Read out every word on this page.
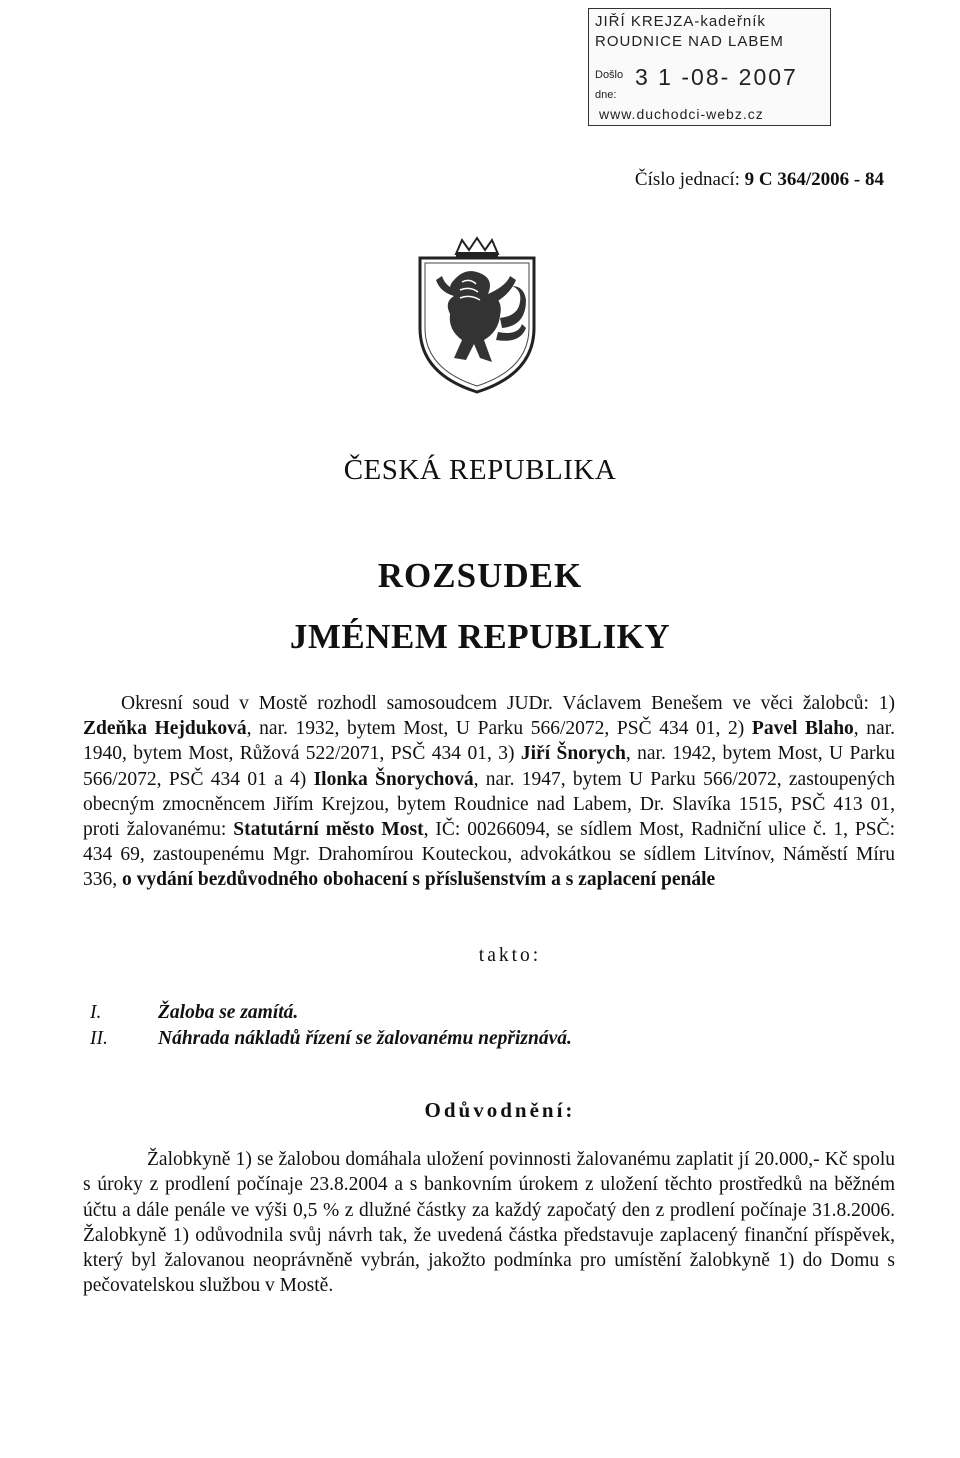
JIŘÍ KREJZA-kadeřník
ROUDNICE NAD LABEM
Došlo
dne:
3 1 -08- 2007
www.duchodci-webz.cz
Číslo jednací: 9 C 364/2006 - 84
ČESKÁ REPUBLIKA
ROZSUDEK
JMÉNEM REPUBLIKY

Okresní soud v Mostě rozhodl samosoudcem JUDr. Václavem Benešem ve věci žalobců: 1) Zdeňka Hejduková, nar. 1932, bytem Most, U Parku 566/2072, PSČ 434 01, 2) Pavel Blaho, nar. 1940, bytem Most, Růžová 522/2071, PSČ 434 01, 3) Jiří Šnorych, nar. 1942, bytem Most, U Parku 566/2072, PSČ 434 01 a 4) Ilonka Šnorychová, nar. 1947, bytem U Parku 566/2072, zastoupených obecným zmocněncem Jiřím Krejzou, bytem Roudnice nad Labem, Dr. Slavíka 1515, PSČ 413 01, proti žalovanému: Statutární město Most, IČ: 00266094, se sídlem Most, Radniční ulice č. 1, PSČ: 434 69, zastoupenému Mgr. Drahomírou Kouteckou, advokátkou se sídlem Litvínov, Náměstí Míru 336, o vydání bezdůvodného obohacení s příslušenstvím a s zaplacení penále

takto:
I.	Žaloba se zamítá.
II.	Náhrada nákladů řízení se žalovanému nepřiznává.
Odůvodnění:

Žalobkyně 1) se žalobou domáhala uložení povinnosti žalovanému zaplatit jí 20.000,- Kč spolu s úroky z prodlení počínaje 23.8.2004 a s bankovním úrokem z uložení těchto prostředků na běžném účtu a dále penále ve výši 0,5 % z dlužné částky za každý započatý den z prodlení počínaje 31.8.2006. Žalobkyně 1) odůvodnila svůj návrh tak, že uvedená částka představuje zaplacený finanční příspěvek, který byl žalovanou neoprávněně vybrán, jakožto podmínka pro umístění žalobkyně 1) do Domu s pečovatelskou službou v Mostě.
